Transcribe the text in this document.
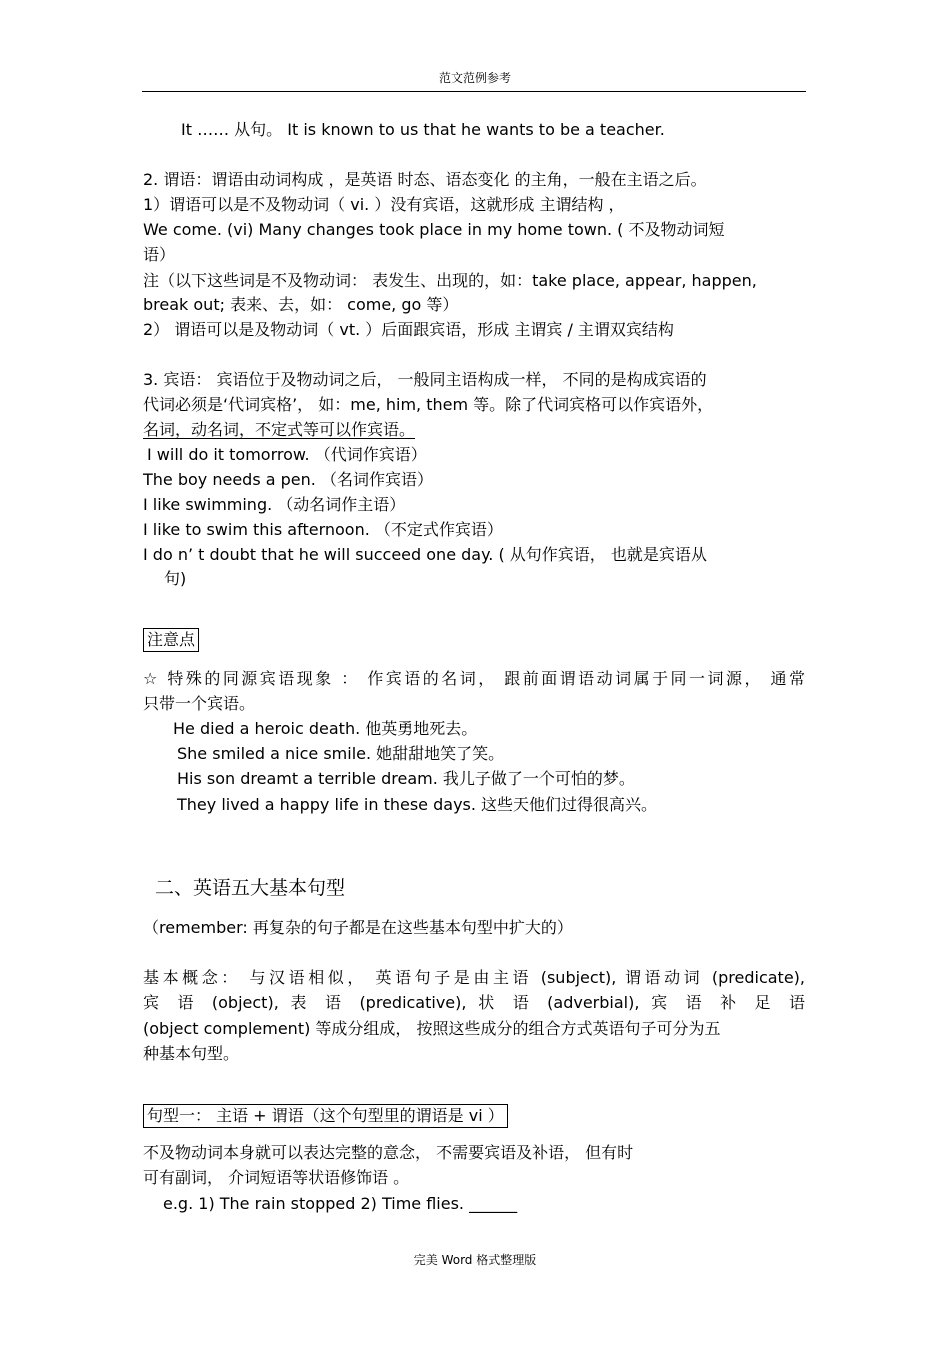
范文范例参考
It …… 从句。 It is known to us that he wants to be a teacher.
2. 谓语：谓语由动词构成 ，是英语 时态、语态变化 的主角，一般在主语之后。
1）谓语可以是不及物动词（ vi. ）没有宾语，这就形成 主谓结构 ，
We come. (vi) Many changes took place in my home town. ( 不及物动词短
语）
注（以下这些词是不及物动词： 表发生、出现的，如：take place, appear, happen,
break out; 表来、去，如： come, go 等）
2） 谓语可以是及物动词（ vt. ）后面跟宾语，形成 主谓宾 / 主谓双宾结构
3. 宾语： 宾语位于及物动词之后， 一般同主语构成一样， 不同的是构成宾语的
代词必须是‘代词宾格’， 如：me, him, them 等。除了代词宾格可以作宾语外，
名词，动名词，不定式等可以作宾语。
I will do it tomorrow. （代词作宾语）
The boy needs a pen. （名词作宾语）
I like swimming. （动名词作主语）
I like to swim this afternoon. （不定式作宾语）
I do n’ t doubt that he will succeed one day. ( 从句作宾语， 也就是宾语从
句)
注意点
☆ 特殊的同源宾语现象 ： 作宾语的名词， 跟前面谓语动词属于同一词源， 通常
只带一个宾语。
He died a heroic death. 他英勇地死去。
She smiled a nice smile. 她甜甜地笑了笑。
His son dreamt a terrible dream. 我儿子做了一个可怕的梦。
They lived a happy life in these days. 这些天他们过得很高兴。
二、英语五大基本句型
（remember: 再复杂的句子都是在这些基本句型中扩大的）
基本概念： 与汉语相似， 英语句子是由主语 (subject), 谓语动词 (predicate),
宾 语 (object), 表 语 (predicative), 状 语 (adverbial), 宾 语 补 足 语
(object complement) 等成分组成， 按照这些成分的组合方式英语句子可分为五
种基本句型。
句型一： 主语 + 谓语（这个句型里的谓语是 vi ）
不及物动词本身就可以表达完整的意念， 不需要宾语及补语， 但有时
可有副词， 介词短语等状语修饰语 。
e.g. 1) The rain stopped 2) Time flies. ______
完美 Word 格式整理版
